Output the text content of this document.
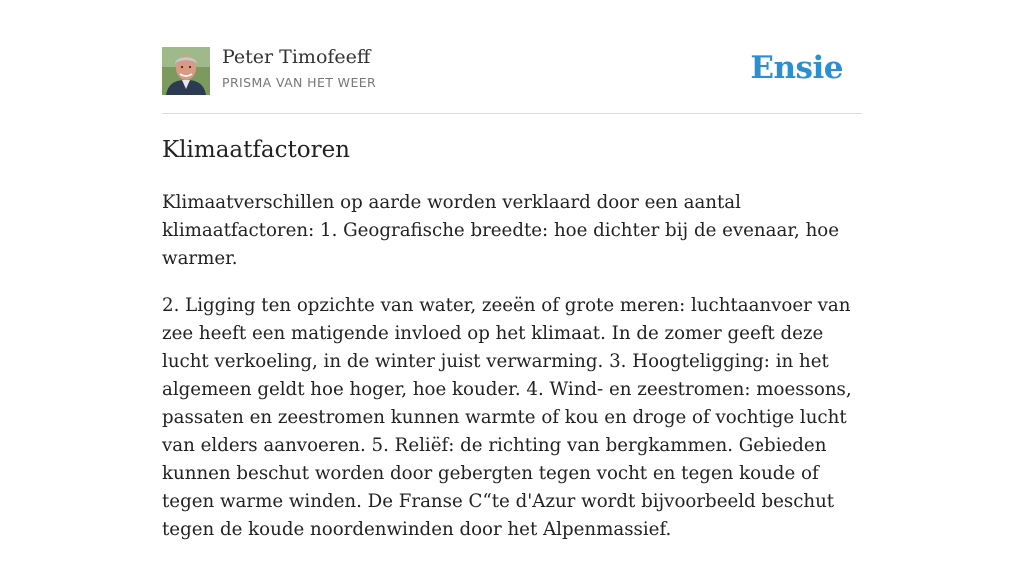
Peter Timofeeff
PRISMA VAN HET WEER	Ensie
Klimaatfactoren

Klimaatverschillen op aarde worden verklaard door een aantal klimaatfactoren: 1. Geografische breedte: hoe dichter bij de evenaar, hoe warmer.

2. Ligging ten opzichte van water, zeeën of grote meren: luchtaanvoer van zee heeft een matigende invloed op het klimaat. In de zomer geeft deze lucht verkoeling, in de winter juist verwarming. 3. Hoogteligging: in het algemeen geldt hoe hoger, hoe kouder. 4. Wind- en zeestromen: moessons, passaten en zeestromen kunnen warmte of kou en droge of vochtige lucht van elders aanvoeren. 5. Reliëf: de richting van bergkammen. Gebieden kunnen beschut worden door gebergten tegen vocht en tegen koude of tegen warme winden. De Franse C“te d'Azur wordt bijvoorbeeld beschut tegen de koude noordenwinden door het Alpenmassief.
